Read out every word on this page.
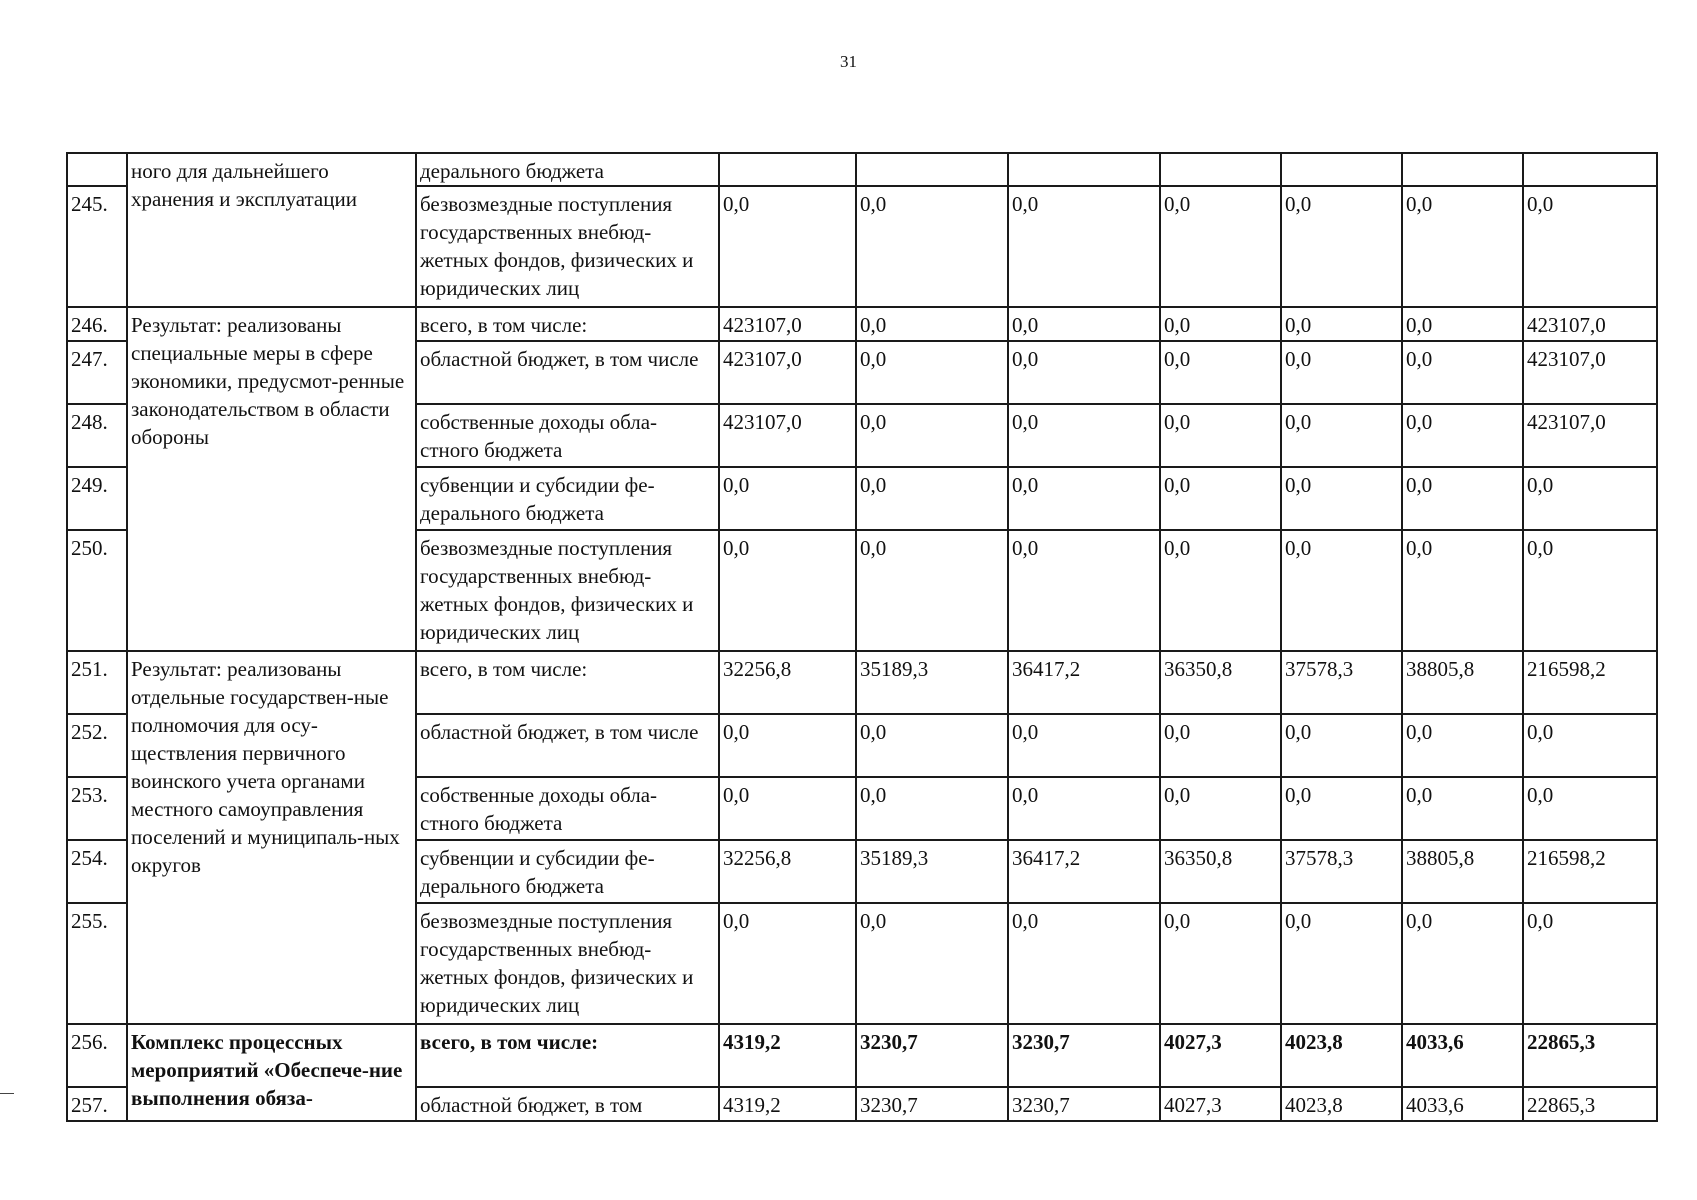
31
	ного для дальнейшего хранения и эксплуатации	дерального бюджета							
245.		безвозмездные поступления государственных внебюд-жетных фондов, физических и юридических лиц	0,0	0,0	0,0	0,0	0,0	0,0	0,0
246.	Результат: реализованы специальные меры в сфере экономики, предусмот-ренные законодательством в области обороны	всего, в том числе:	423107,0	0,0	0,0	0,0	0,0	0,0	423107,0
247.		областной бюджет, в том числе	423107,0	0,0	0,0	0,0	0,0	0,0	423107,0
248.		собственные доходы обла-стного бюджета	423107,0	0,0	0,0	0,0	0,0	0,0	423107,0
249.		субвенции и субсидии фе-дерального бюджета	0,0	0,0	0,0	0,0	0,0	0,0	0,0
250.		безвозмездные поступления государственных внебюд-жетных фондов, физических и юридических лиц	0,0	0,0	0,0	0,0	0,0	0,0	0,0
251.	Результат: реализованы отдельные государствен-ные полномочия для осу-ществления первичного воинского учета органами местного самоуправления поселений и муниципаль-ных округов	всего, в том числе:	32256,8	35189,3	36417,2	36350,8	37578,3	38805,8	216598,2
252.		областной бюджет, в том числе	0,0	0,0	0,0	0,0	0,0	0,0	0,0
253.		собственные доходы обла-стного бюджета	0,0	0,0	0,0	0,0	0,0	0,0	0,0
254.		субвенции и субсидии фе-дерального бюджета	32256,8	35189,3	36417,2	36350,8	37578,3	38805,8	216598,2
255.		безвозмездные поступления государственных внебюд-жетных фондов, физических и юридических лиц	0,0	0,0	0,0	0,0	0,0	0,0	0,0
256.	Комплекс процессных мероприятий «Обеспече-ние выполнения обяза-	всего, в том числе:	4319,2	3230,7	3230,7	4027,3	4023,8	4033,6	22865,3
257.		областной бюджет, в том	4319,2	3230,7	3230,7	4027,3	4023,8	4033,6	22865,3
